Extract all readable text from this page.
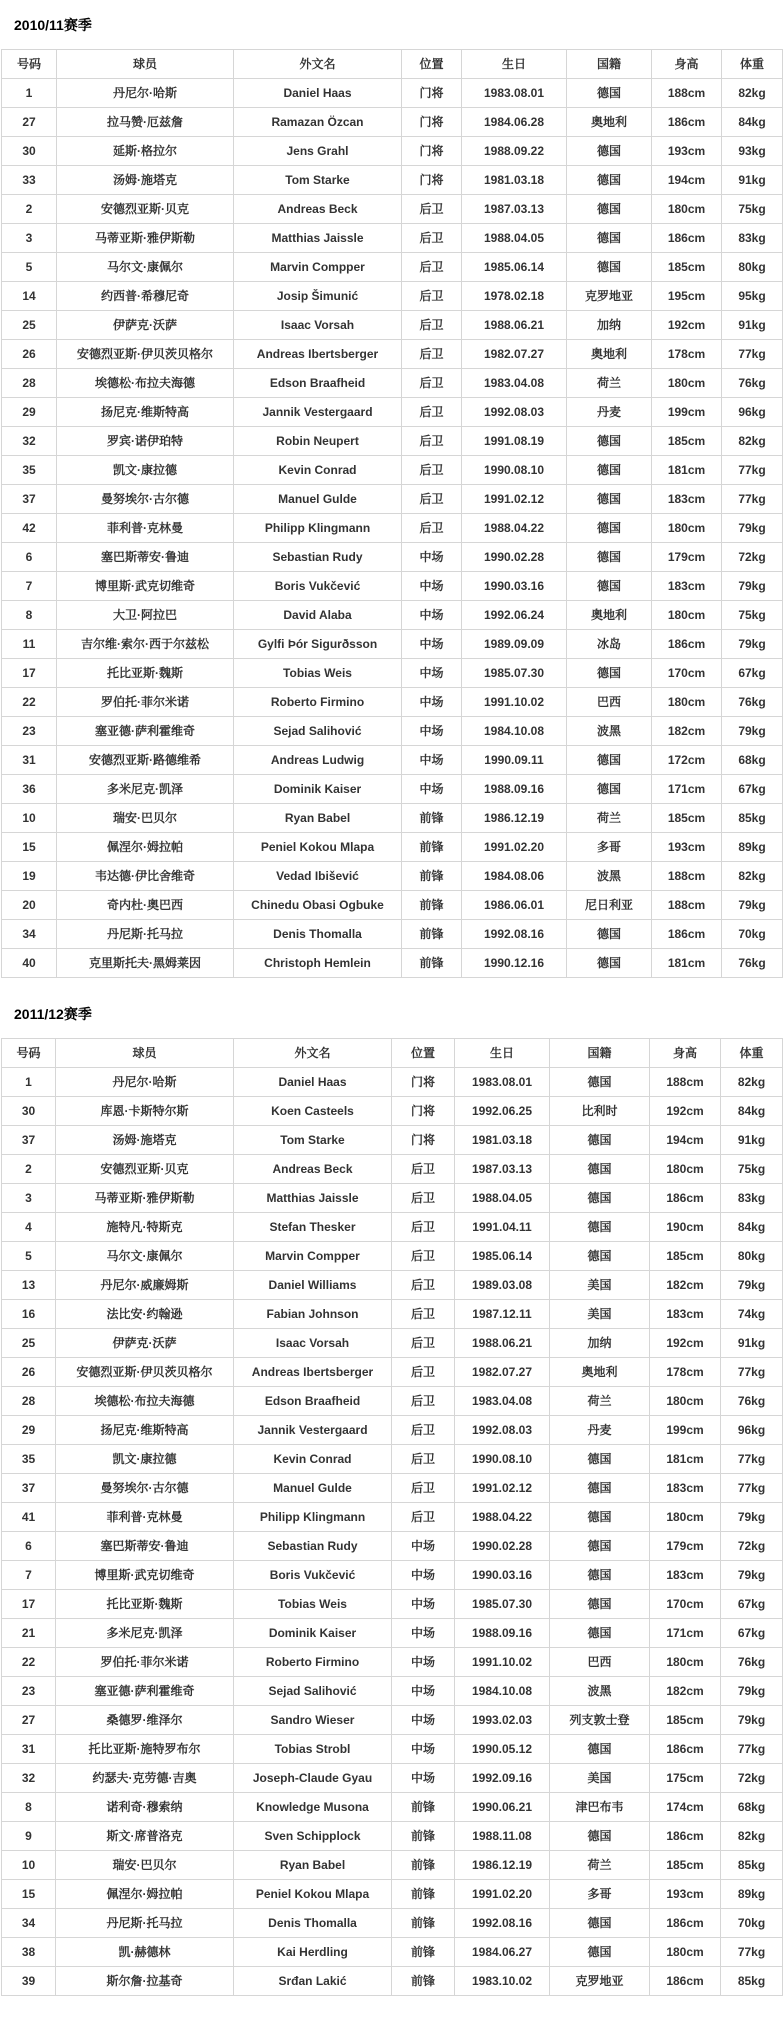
2010/11赛季
号码	球员	外文名	位置	生日	国籍	身高	体重
1	丹尼尔·哈斯	Daniel Haas	门将	1983.08.01	德国	188cm	82kg
27	拉马赞·厄兹詹	Ramazan Özcan	门将	1984.06.28	奥地利	186cm	84kg
30	延斯·格拉尔	Jens Grahl	门将	1988.09.22	德国	193cm	93kg
33	汤姆·施塔克	Tom Starke	门将	1981.03.18	德国	194cm	91kg
2	安德烈亚斯·贝克	Andreas Beck	后卫	1987.03.13	德国	180cm	75kg
3	马蒂亚斯·雅伊斯勒	Matthias Jaissle	后卫	1988.04.05	德国	186cm	83kg
5	马尔文·康佩尔	Marvin Compper	后卫	1985.06.14	德国	185cm	80kg
14	约西普·希穆尼奇	Josip Šimunić	后卫	1978.02.18	克罗地亚	195cm	95kg
25	伊萨克·沃萨	Isaac Vorsah	后卫	1988.06.21	加纳	192cm	91kg
26	安德烈亚斯·伊贝茨贝格尔	Andreas Ibertsberger	后卫	1982.07.27	奥地利	178cm	77kg
28	埃德松·布拉夫海德	Edson Braafheid	后卫	1983.04.08	荷兰	180cm	76kg
29	扬尼克·维斯特高	Jannik Vestergaard	后卫	1992.08.03	丹麦	199cm	96kg
32	罗宾·诺伊珀特	Robin Neupert	后卫	1991.08.19	德国	185cm	82kg
35	凯文·康拉德	Kevin Conrad	后卫	1990.08.10	德国	181cm	77kg
37	曼努埃尔·古尔德	Manuel Gulde	后卫	1991.02.12	德国	183cm	77kg
42	菲利普·克林曼	Philipp Klingmann	后卫	1988.04.22	德国	180cm	79kg
6	塞巴斯蒂安·鲁迪	Sebastian Rudy	中场	1990.02.28	德国	179cm	72kg
7	博里斯·武克切维奇	Boris Vukčević	中场	1990.03.16	德国	183cm	79kg
8	大卫·阿拉巴	David Alaba	中场	1992.06.24	奥地利	180cm	75kg
11	吉尔维·索尔·西于尔兹松	Gylfi Þór Sigurðsson	中场	1989.09.09	冰岛	186cm	79kg
17	托比亚斯·魏斯	Tobias Weis	中场	1985.07.30	德国	170cm	67kg
22	罗伯托·菲尔米诺	Roberto Firmino	中场	1991.10.02	巴西	180cm	76kg
23	塞亚德·萨利霍维奇	Sejad Salihović	中场	1984.10.08	波黑	182cm	79kg
31	安德烈亚斯·路德维希	Andreas Ludwig	中场	1990.09.11	德国	172cm	68kg
36	多米尼克·凯泽	Dominik Kaiser	中场	1988.09.16	德国	171cm	67kg
10	瑞安·巴贝尔	Ryan Babel	前锋	1986.12.19	荷兰	185cm	85kg
15	佩涅尔·姆拉帕	Peniel Kokou Mlapa	前锋	1991.02.20	多哥	193cm	89kg
19	韦达德·伊比舍维奇	Vedad Ibišević	前锋	1984.08.06	波黑	188cm	82kg
20	奇内杜·奥巴西	Chinedu Obasi Ogbuke	前锋	1986.06.01	尼日利亚	188cm	79kg
34	丹尼斯·托马拉	Denis Thomalla	前锋	1992.08.16	德国	186cm	70kg
40	克里斯托夫·黑姆莱因	Christoph Hemlein	前锋	1990.12.16	德国	181cm	76kg
2011/12赛季
号码	球员	外文名	位置	生日	国籍	身高	体重
1	丹尼尔·哈斯	Daniel Haas	门将	1983.08.01	德国	188cm	82kg
30	库恩·卡斯特尔斯	Koen Casteels	门将	1992.06.25	比利时	192cm	84kg
37	汤姆·施塔克	Tom Starke	门将	1981.03.18	德国	194cm	91kg
2	安德烈亚斯·贝克	Andreas Beck	后卫	1987.03.13	德国	180cm	75kg
3	马蒂亚斯·雅伊斯勒	Matthias Jaissle	后卫	1988.04.05	德国	186cm	83kg
4	施特凡·特斯克	Stefan Thesker	后卫	1991.04.11	德国	190cm	84kg
5	马尔文·康佩尔	Marvin Compper	后卫	1985.06.14	德国	185cm	80kg
13	丹尼尔·威廉姆斯	Daniel Williams	后卫	1989.03.08	美国	182cm	79kg
16	法比安·约翰逊	Fabian Johnson	后卫	1987.12.11	美国	183cm	74kg
25	伊萨克·沃萨	Isaac Vorsah	后卫	1988.06.21	加纳	192cm	91kg
26	安德烈亚斯·伊贝茨贝格尔	Andreas Ibertsberger	后卫	1982.07.27	奥地利	178cm	77kg
28	埃德松·布拉夫海德	Edson Braafheid	后卫	1983.04.08	荷兰	180cm	76kg
29	扬尼克·维斯特高	Jannik Vestergaard	后卫	1992.08.03	丹麦	199cm	96kg
35	凯文·康拉德	Kevin Conrad	后卫	1990.08.10	德国	181cm	77kg
37	曼努埃尔·古尔德	Manuel Gulde	后卫	1991.02.12	德国	183cm	77kg
41	菲利普·克林曼	Philipp Klingmann	后卫	1988.04.22	德国	180cm	79kg
6	塞巴斯蒂安·鲁迪	Sebastian Rudy	中场	1990.02.28	德国	179cm	72kg
7	博里斯·武克切维奇	Boris Vukčević	中场	1990.03.16	德国	183cm	79kg
17	托比亚斯·魏斯	Tobias Weis	中场	1985.07.30	德国	170cm	67kg
21	多米尼克·凯泽	Dominik Kaiser	中场	1988.09.16	德国	171cm	67kg
22	罗伯托·菲尔米诺	Roberto Firmino	中场	1991.10.02	巴西	180cm	76kg
23	塞亚德·萨利霍维奇	Sejad Salihović	中场	1984.10.08	波黑	182cm	79kg
27	桑德罗·维泽尔	Sandro Wieser	中场	1993.02.03	列支敦士登	185cm	79kg
31	托比亚斯·施特罗布尔	Tobias Strobl	中场	1990.05.12	德国	186cm	77kg
32	约瑟夫·克劳德·吉奥	Joseph-Claude Gyau	中场	1992.09.16	美国	175cm	72kg
8	诺利奇·穆索纳	Knowledge Musona	前锋	1990.06.21	津巴布韦	174cm	68kg
9	斯文·席普洛克	Sven Schipplock	前锋	1988.11.08	德国	186cm	82kg
10	瑞安·巴贝尔	Ryan Babel	前锋	1986.12.19	荷兰	185cm	85kg
15	佩涅尔·姆拉帕	Peniel Kokou Mlapa	前锋	1991.02.20	多哥	193cm	89kg
34	丹尼斯·托马拉	Denis Thomalla	前锋	1992.08.16	德国	186cm	70kg
38	凯·赫德林	Kai Herdling	前锋	1984.06.27	德国	180cm	77kg
39	斯尔詹·拉基奇	Srđan Lakić	前锋	1983.10.02	克罗地亚	186cm	85kg
